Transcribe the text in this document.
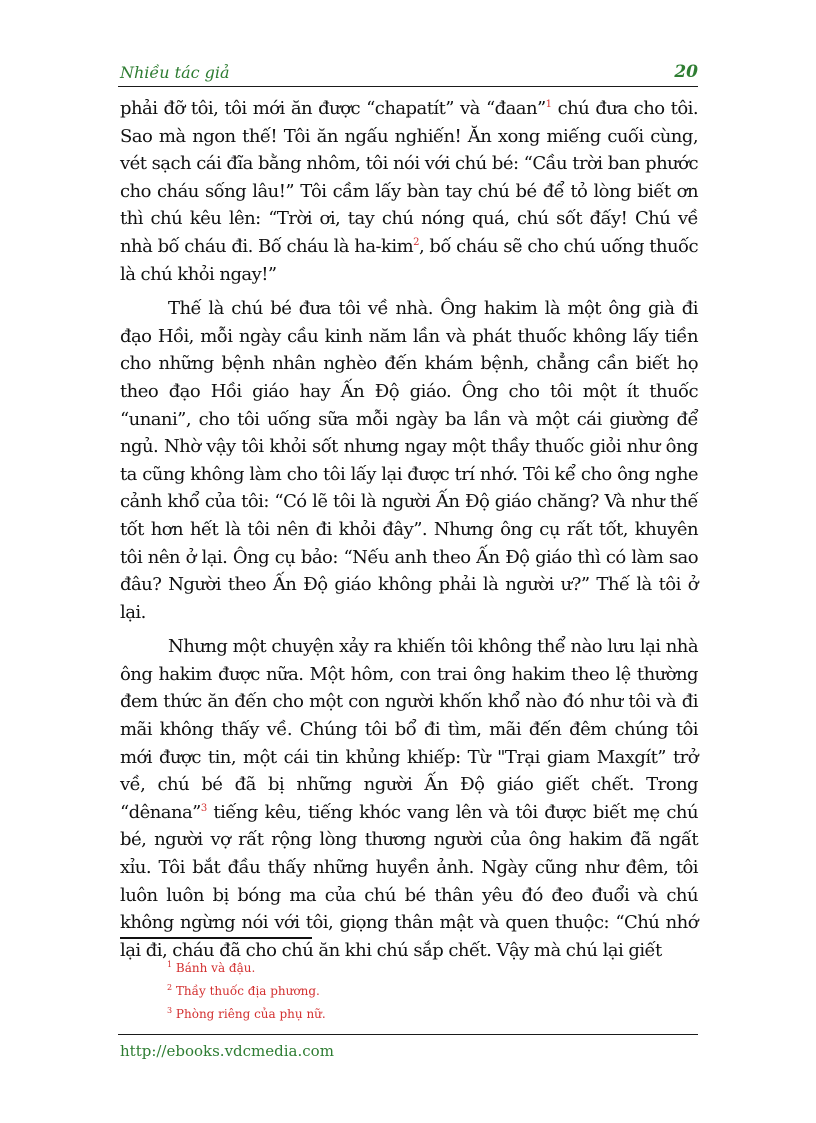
Nhiều tác giả	20

phải đỡ tôi, tôi mới ăn được “chapatít” và “đaan”$^1$ chú đưa cho tôi. Sao mà ngon thế! Tôi ăn ngấu nghiến! Ăn xong miếng cuối cùng, vét sạch cái đĩa bằng nhôm, tôi nói với chú bé: “Cầu trời ban phước cho cháu sống lâu!” Tôi cầm lấy bàn tay chú bé để tỏ lòng biết ơn thì chú kêu lên: “Trời ơi, tay chú nóng quá, chú sốt đấy! Chú về nhà bố cháu đi. Bố cháu là ha-kim$^2$, bố cháu sẽ cho chú uống thuốc là chú khỏi ngay!”

Thế là chú bé đưa tôi về nhà. Ông hakim là một ông già đi đạo Hồi, mỗi ngày cầu kinh năm lần và phát thuốc không lấy tiền cho những bệnh nhân nghèo đến khám bệnh, chẳng cần biết họ theo đạo Hồi giáo hay Ấn Độ giáo. Ông cho tôi một ít thuốc “unani”, cho tôi uống sữa mỗi ngày ba lần và một cái giường để ngủ. Nhờ vậy tôi khỏi sốt nhưng ngay một thầy thuốc giỏi như ông ta cũng không làm cho tôi lấy lại được trí nhớ. Tôi kể cho ông nghe cảnh khổ của tôi: “Có lẽ tôi là người Ấn Độ giáo chăng? Và như thế tốt hơn hết là tôi nên đi khỏi đây”. Nhưng ông cụ rất tốt, khuyên tôi nên ở lại. Ông cụ bảo: “Nếu anh theo Ấn Độ giáo thì có làm sao đâu? Người theo Ấn Độ giáo không phải là người ư?” Thế là tôi ở lại.

Nhưng một chuyện xảy ra khiến tôi không thể nào lưu lại nhà ông hakim được nữa. Một hôm, con trai ông hakim theo lệ thường đem thức ăn đến cho một con người khốn khổ nào đó như tôi và đi mãi không thấy về. Chúng tôi bổ đi tìm, mãi đến đêm chúng tôi mới được tin, một cái tin khủng khiếp: Từ "Trại giam Maxgít” trở về, chú bé đã bị những người Ấn Độ giáo giết chết. Trong “dênana”$^3$ tiếng kêu, tiếng khóc vang lên và tôi được biết mẹ chú bé, người vợ rất rộng lòng thương người của ông hakim đã ngất xỉu. Tôi bắt đầu thấy những huyền ảnh. Ngày cũng như đêm, tôi luôn luôn bị bóng ma của chú bé thân yêu đó đeo đuổi và chú không ngừng nói với tôi, giọng thân mật và quen thuộc: “Chú nhớ lại đi, cháu đã cho chú ăn khi chú sắp chết. Vậy mà chú lại giết

$^1$ Bánh và đậu.
$^2$ Thầy thuốc địa phương.
$^3$ Phòng riêng của phụ nữ.
http://ebooks.vdcmedia.com
